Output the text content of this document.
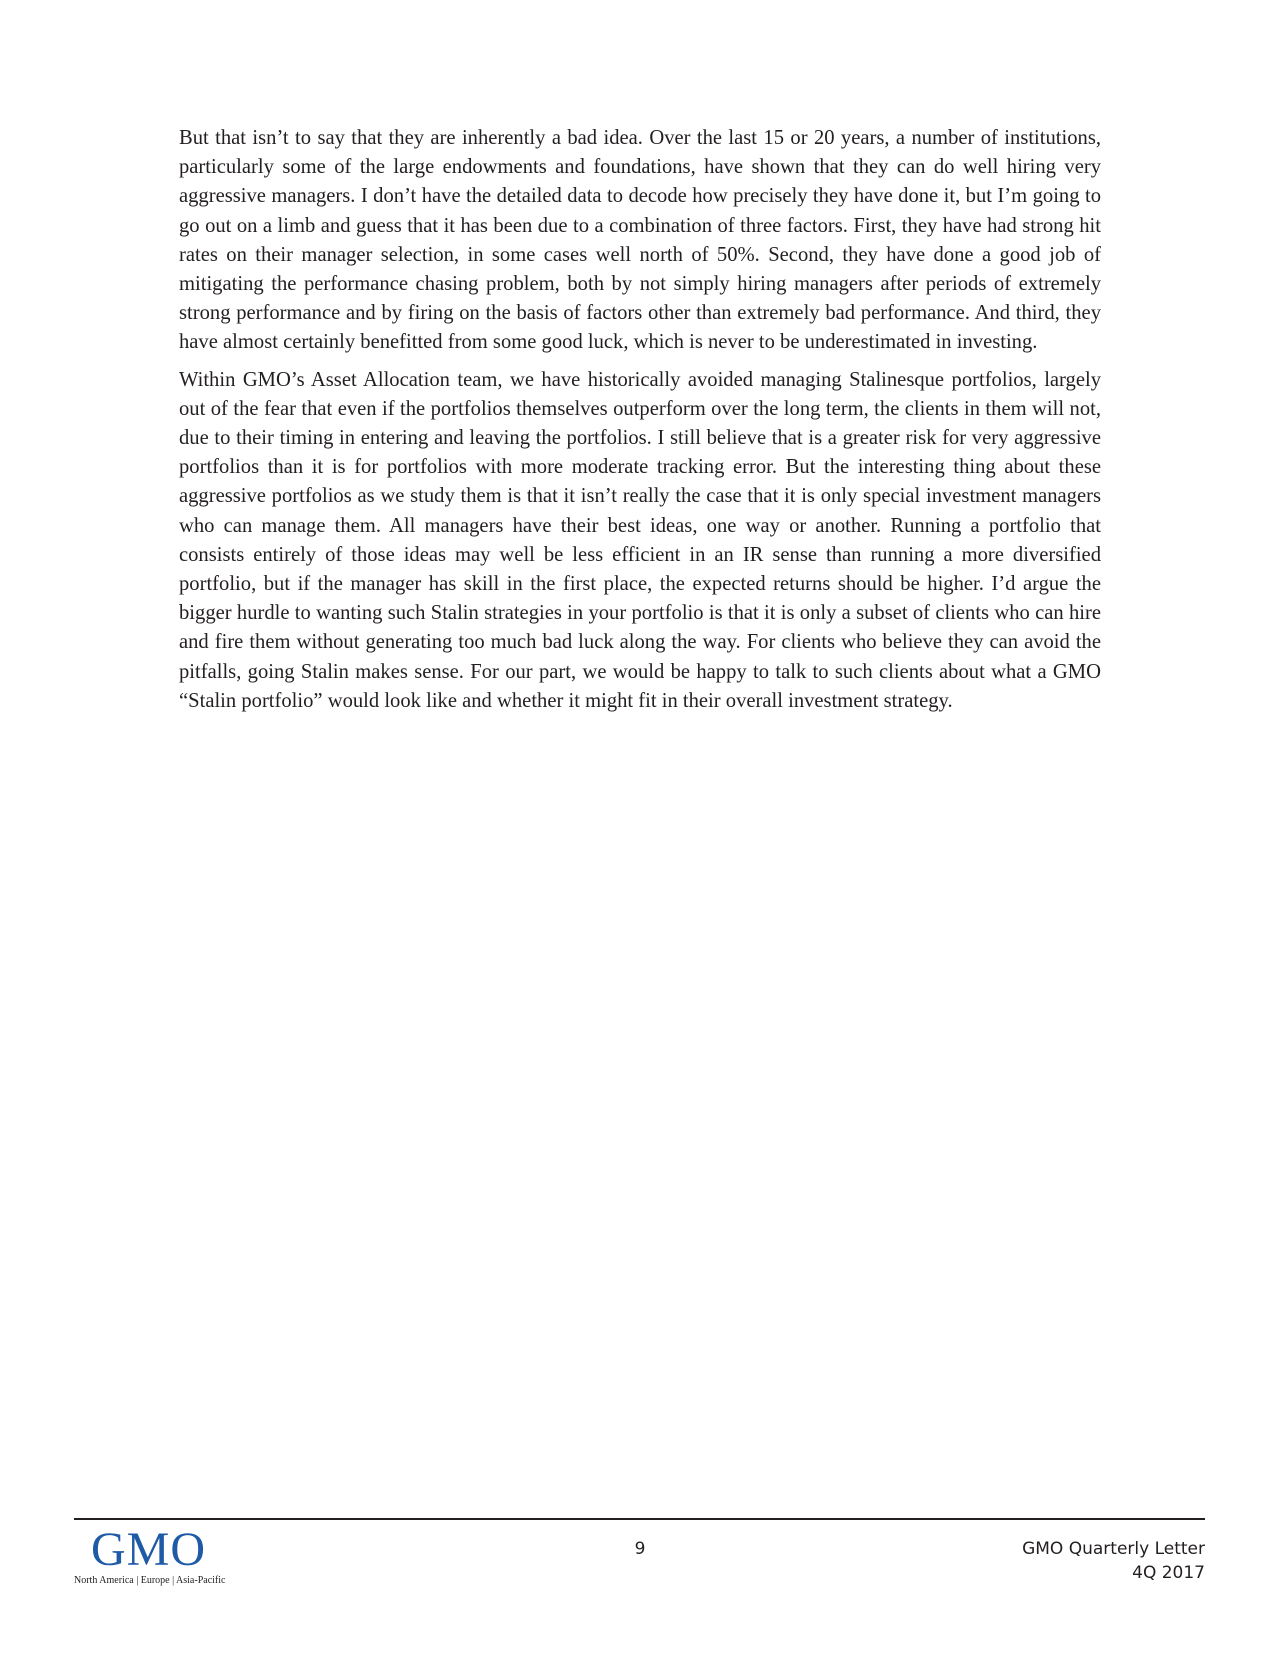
But that isn’t to say that they are inherently a bad idea. Over the last 15 or 20 years, a number of institutions, particularly some of the large endowments and foundations, have shown that they can do well hiring very aggressive managers. I don’t have the detailed data to decode how precisely they have done it, but I’m going to go out on a limb and guess that it has been due to a combination of three factors. First, they have had strong hit rates on their manager selection, in some cases well north of 50%. Second, they have done a good job of mitigating the performance chasing problem, both by not simply hiring managers after periods of extremely strong performance and by firing on the basis of factors other than extremely bad performance. And third, they have almost certainly benefitted from some good luck, which is never to be underestimated in investing.

Within GMO’s Asset Allocation team, we have historically avoided managing Stalinesque portfolios, largely out of the fear that even if the portfolios themselves outperform over the long term, the clients in them will not, due to their timing in entering and leaving the portfolios. I still believe that is a greater risk for very aggressive portfolios than it is for portfolios with more moderate tracking error. But the interesting thing about these aggressive portfolios as we study them is that it isn’t really the case that it is only special investment managers who can manage them. All managers have their best ideas, one way or another. Running a portfolio that consists entirely of those ideas may well be less efficient in an IR sense than running a more diversified portfolio, but if the manager has skill in the first place, the expected returns should be higher. I’d argue the bigger hurdle to wanting such Stalin strategies in your portfolio is that it is only a subset of clients who can hire and fire them without generating too much bad luck along the way. For clients who believe they can avoid the pitfalls, going Stalin makes sense. For our part, we would be happy to talk to such clients about what a GMO “Stalin portfolio” would look like and whether it might fit in their overall investment strategy.

GMO
North America | Europe | Asia-Pacific
9	GMO Quarterly Letter
4Q 2017
